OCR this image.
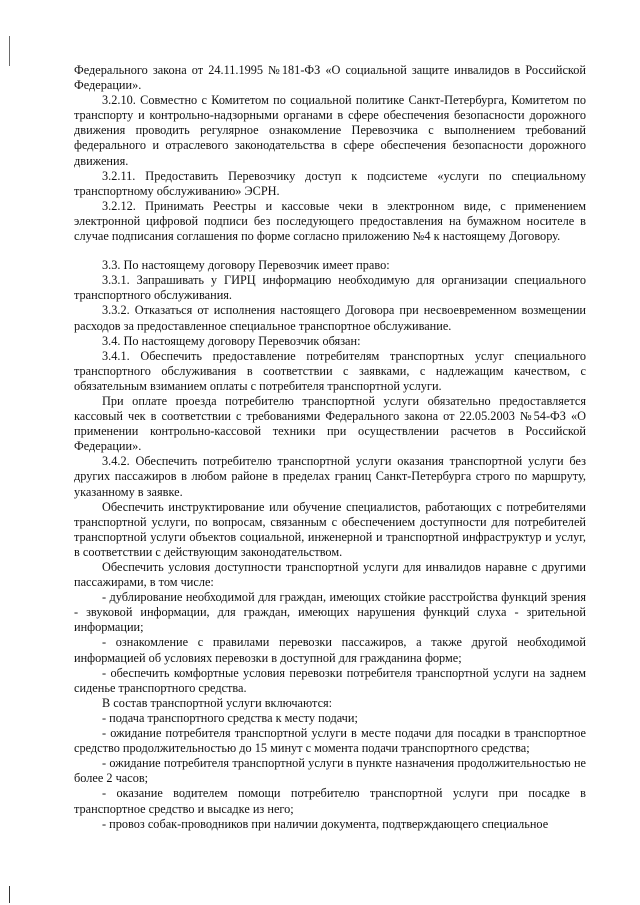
Федерального закона от 24.11.1995 №181-ФЗ «О социальной защите инвалидов в Российской Федерации».

3.2.10. Совместно с Комитетом по социальной политике Санкт-Петербурга, Комитетом по транспорту и контрольно-надзорными органами в сфере обеспечения безопасности дорожного движения проводить регулярное ознакомление Перевозчика с выполнением требований федерального и отраслевого законодательства в сфере обеспечения безопасности дорожного движения.

3.2.11. Предоставить Перевозчику доступ к подсистеме «услуги по специальному транспортному обслуживанию» ЭСРН.

3.2.12. Принимать Реестры и кассовые чеки в электронном виде, с применением электронной цифровой подписи без последующего предоставления на бумажном носителе в случае подписания соглашения по форме согласно приложению №4 к настоящему Договору.

3.3. По настоящему договору Перевозчик имеет право:

3.3.1. Запрашивать у ГИРЦ информацию необходимую для организации специального транспортного обслуживания.

3.3.2. Отказаться от исполнения настоящего Договора при несвоевременном возмещении расходов за предоставленное специальное транспортное обслуживание.

3.4. По настоящему договору Перевозчик обязан:

3.4.1. Обеспечить предоставление потребителям транспортных услуг специального транспортного обслуживания в соответствии с заявками, с надлежащим качеством, с обязательным взиманием оплаты с потребителя транспортной услуги.

При оплате проезда потребителю транспортной услуги обязательно предоставляется кассовый чек в соответствии с требованиями Федерального закона от 22.05.2003 №54-ФЗ «О применении контрольно-кассовой техники при осуществлении расчетов в Российской Федерации».

3.4.2. Обеспечить потребителю транспортной услуги оказания транспортной услуги без других пассажиров в любом районе в пределах границ Санкт-Петербурга строго по маршруту, указанному в заявке.

Обеспечить инструктирование или обучение специалистов, работающих с потребителями транспортной услуги, по вопросам, связанным с обеспечением доступности для потребителей транспортной услуги объектов социальной, инженерной и транспортной инфраструктур и услуг, в соответствии с действующим законодательством.

Обеспечить условия доступности транспортной услуги для инвалидов наравне с другими пассажирами, в том числе:

- дублирование необходимой для граждан, имеющих стойкие расстройства функций зрения - звуковой информации, для граждан, имеющих нарушения функций слуха - зрительной информации;

- ознакомление с правилами перевозки пассажиров, а также другой необходимой информацией об условиях перевозки в доступной для гражданина форме;

- обеспечить комфортные условия перевозки потребителя транспортной услуги на заднем сиденье транспортного средства.

В состав транспортной услуги включаются:

- подача транспортного средства к месту подачи;

- ожидание потребителя транспортной услуги в месте подачи для посадки в транспортное средство продолжительностью до 15 минут с момента подачи транспортного средства;

- ожидание потребителя транспортной услуги в пункте назначения продолжительностью не более 2 часов;

- оказание водителем помощи потребителю транспортной услуги при посадке в транспортное средство и высадке из него;

- провоз собак-проводников при наличии документа, подтверждающего специальное
